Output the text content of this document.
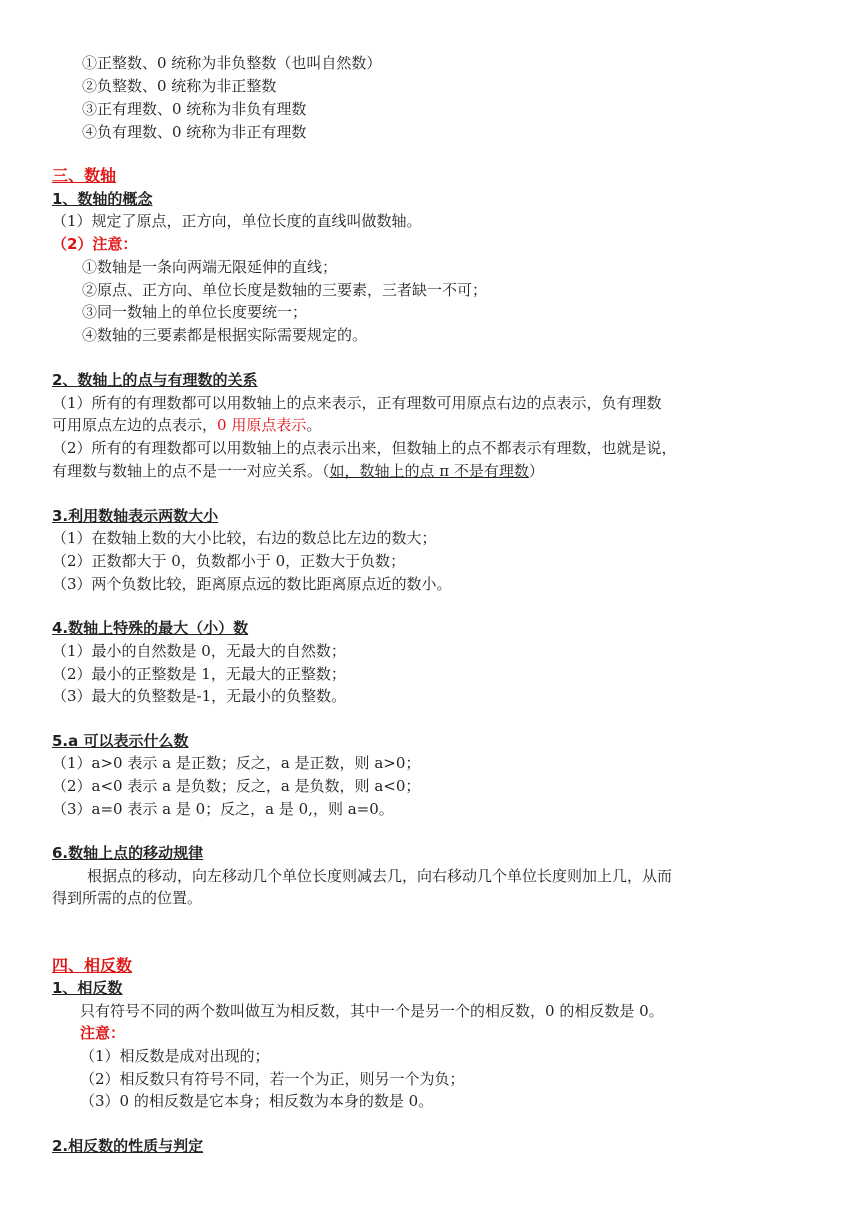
①正整数、0 统称为非负整数（也叫自然数）
②负整数、0 统称为非正整数
③正有理数、0 统称为非负有理数
④负有理数、0 统称为非正有理数
三、数轴
1、数轴的概念
（1）规定了原点，正方向，单位长度的直线叫做数轴。
（2）注意：
①数轴是一条向两端无限延伸的直线；
②原点、正方向、单位长度是数轴的三要素，三者缺一不可；
③同一数轴上的单位长度要统一；
④数轴的三要素都是根据实际需要规定的。
2、数轴上的点与有理数的关系
（1）所有的有理数都可以用数轴上的点来表示，正有理数可用原点右边的点表示，负有理数
可用原点左边的点表示，0 用原点表示。
（2）所有的有理数都可以用数轴上的点表示出来，但数轴上的点不都表示有理数，也就是说，
有理数与数轴上的点不是一一对应关系。（如，数轴上的点 π 不是有理数）
3.利用数轴表示两数大小
（1）在数轴上数的大小比较，右边的数总比左边的数大；
（2）正数都大于 0，负数都小于 0，正数大于负数；
（3）两个负数比较，距离原点远的数比距离原点近的数小。
4.数轴上特殊的最大（小）数
（1）最小的自然数是 0，无最大的自然数；
（2）最小的正整数是 1，无最大的正整数；
（3）最大的负整数是-1，无最小的负整数。
5.a 可以表示什么数
（1）a>0 表示 a 是正数；反之，a 是正数，则 a>0；
（2）a<0 表示 a 是负数；反之，a 是负数，则 a<0；
（3）a=0 表示 a 是 0；反之，a 是 0,，则 a=0。
6.数轴上点的移动规律
根据点的移动，向左移动几个单位长度则减去几，向右移动几个单位长度则加上几，从而
得到所需的点的位置。
四、相反数
1、相反数
只有符号不同的两个数叫做互为相反数，其中一个是另一个的相反数，0 的相反数是 0。
注意：
（1）相反数是成对出现的；
（2）相反数只有符号不同，若一个为正，则另一个为负；
（3）0 的相反数是它本身；相反数为本身的数是 0。
2.相反数的性质与判定
